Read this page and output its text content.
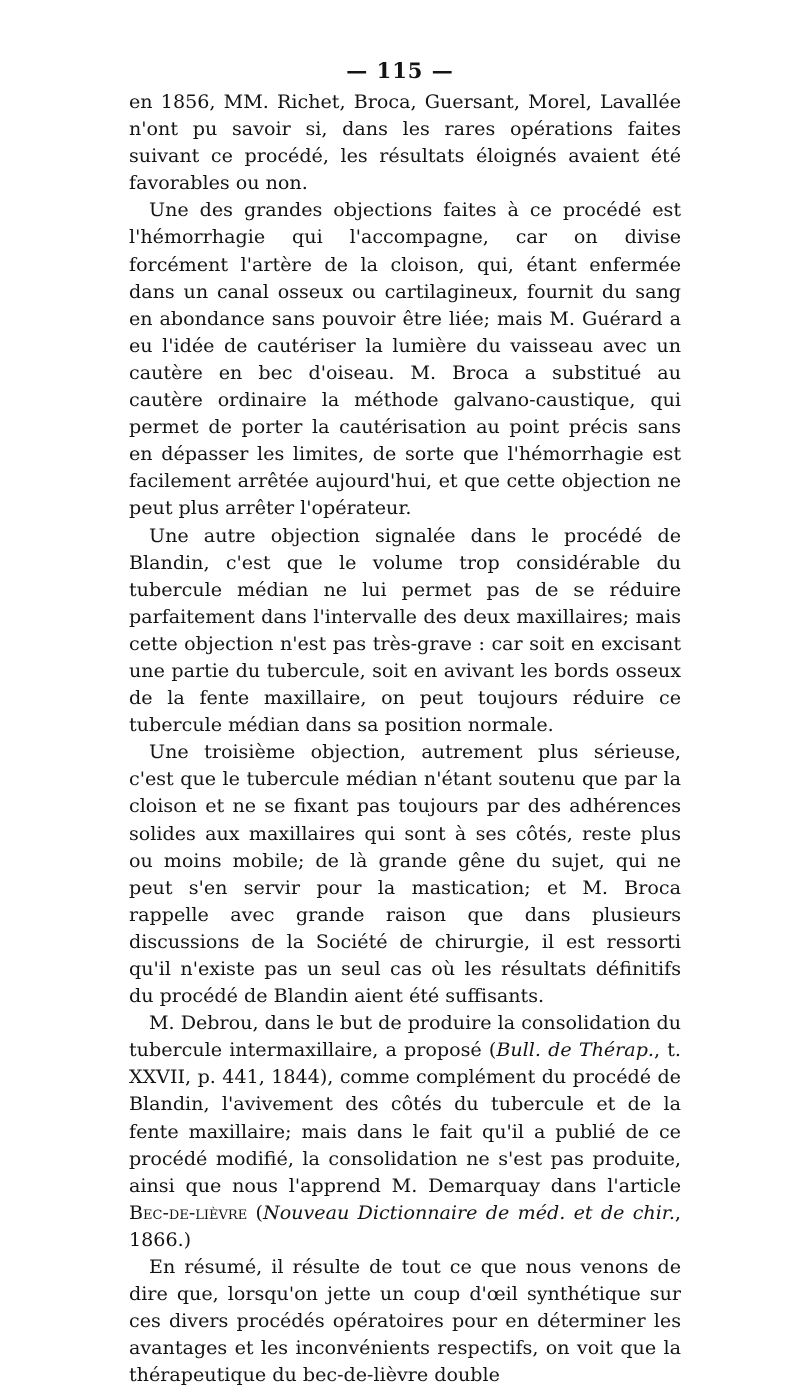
— 115 —

en 1856, MM. Richet, Broca, Guersant, Morel, Lavallée n'ont pu savoir si, dans les rares opérations faites suivant ce procédé, les résultats éloignés avaient été favorables ou non.

Une des grandes objections faites à ce procédé est l'hémorrhagie qui l'accompagne, car on divise forcément l'artère de la cloison, qui, étant enfermée dans un canal osseux ou cartilagineux, fournit du sang en abondance sans pouvoir être liée; mais M. Guérard a eu l'idée de cautériser la lumière du vaisseau avec un cautère en bec d'oiseau. M. Broca a substitué au cautère ordinaire la méthode galvano-caustique, qui permet de porter la cautérisation au point précis sans en dépasser les limites, de sorte que l'hémorrhagie est facilement arrêtée aujourd'hui, et que cette objection ne peut plus arrêter l'opérateur.

Une autre objection signalée dans le procédé de Blandin, c'est que le volume trop considérable du tubercule médian ne lui permet pas de se réduire parfaitement dans l'intervalle des deux maxillaires; mais cette objection n'est pas très-grave : car soit en excisant une partie du tubercule, soit en avivant les bords osseux de la fente maxillaire, on peut toujours réduire ce tubercule médian dans sa position normale.

Une troisième objection, autrement plus sérieuse, c'est que le tubercule médian n'étant soutenu que par la cloison et ne se fixant pas toujours par des adhérences solides aux maxillaires qui sont à ses côtés, reste plus ou moins mobile; de là grande gêne du sujet, qui ne peut s'en servir pour la mastication; et M. Broca rappelle avec grande raison que dans plusieurs discussions de la Société de chirurgie, il est ressorti qu'il n'existe pas un seul cas où les résultats définitifs du procédé de Blandin aient été suffisants.

M. Debrou, dans le but de produire la consolidation du tubercule intermaxillaire, a proposé (Bull. de Thérap., t. XXVII, p. 441, 1844), comme complément du procédé de Blandin, l'avivement des côtés du tubercule et de la fente maxillaire; mais dans le fait qu'il a publié de ce procédé modifié, la consolidation ne s'est pas produite, ainsi que nous l'apprend M. Demarquay dans l'article Bec-de-lièvre (Nouveau Dictionnaire de méd. et de chir., 1866.)

En résumé, il résulte de tout ce que nous venons de dire que, lorsqu'on jette un coup d'œil synthétique sur ces divers procédés opératoires pour en déterminer les avantages et les inconvénients respectifs, on voit que la thérapeutique du bec-de-lièvre double
